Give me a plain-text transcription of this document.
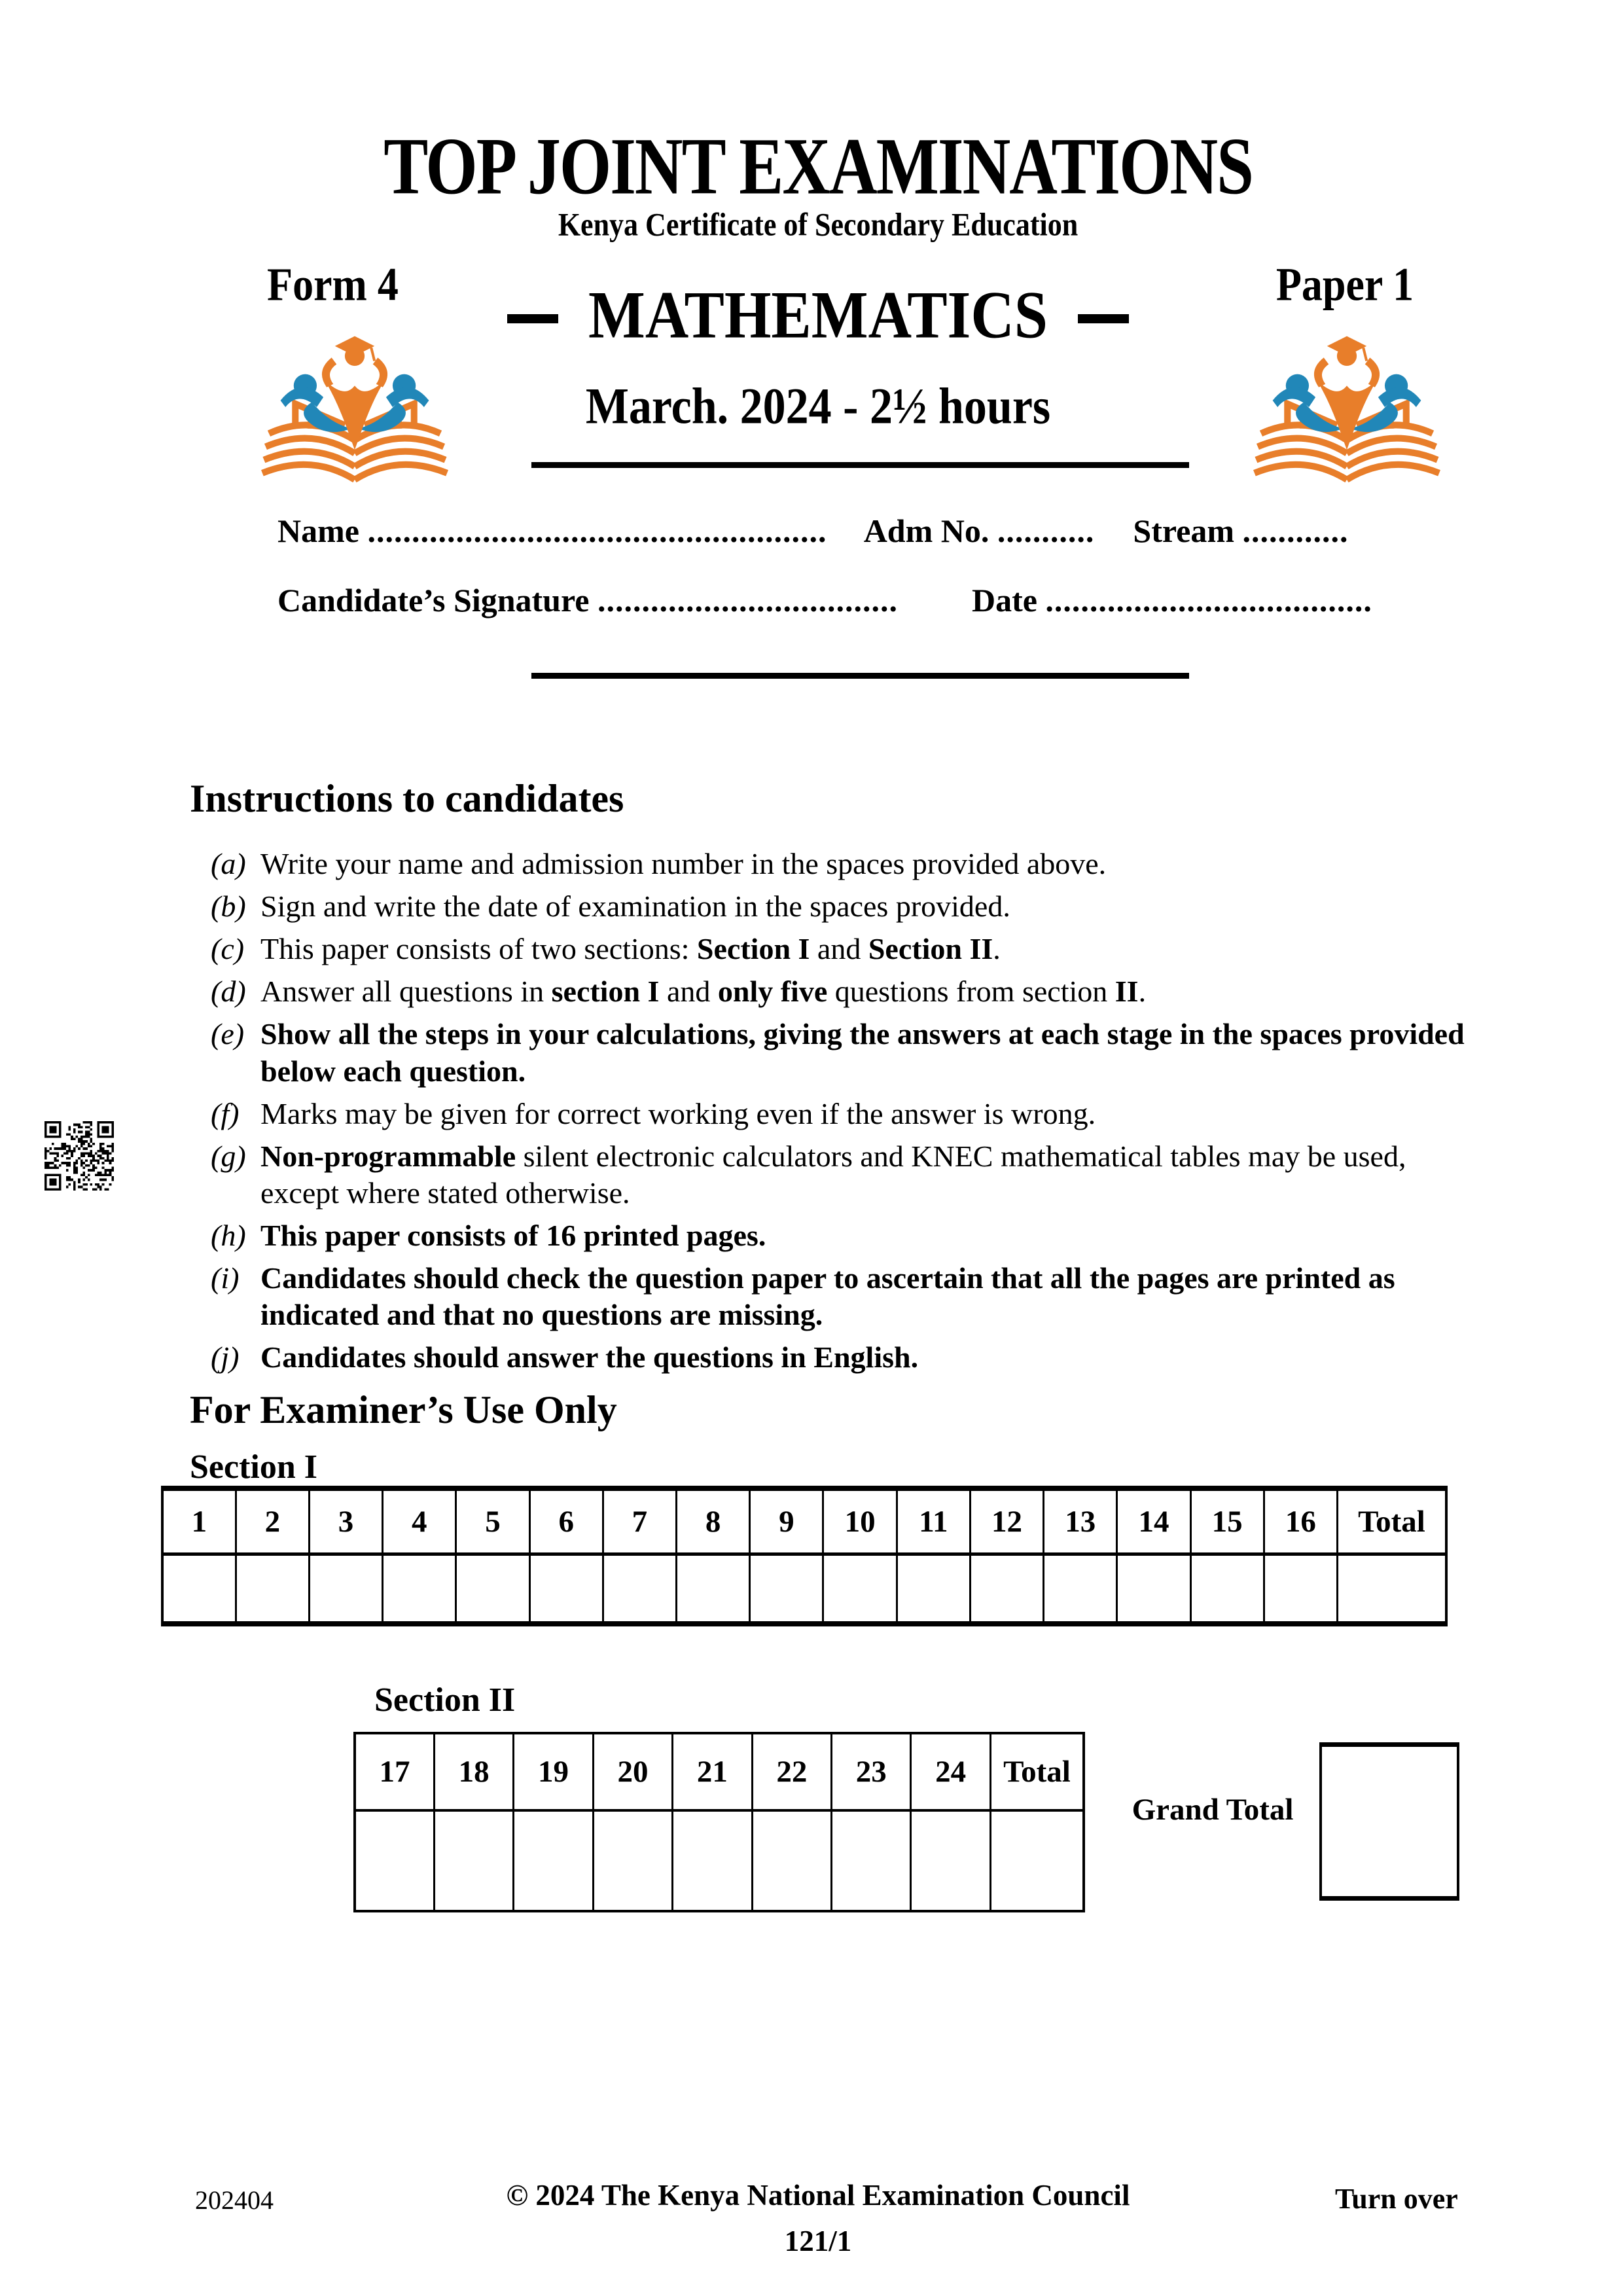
TOP JOINT EXAMINATIONS
Kenya Certificate of Secondary Education
Form 4	Paper 1
MATHEMATICS
March. 2024 - 2½ hours
Name .................................................... Adm No. ........... Stream ............
Candidate’s Signature .................................. Date .....................................
Instructions to candidates
(a) Write your name and admission number in the spaces provided above.
(b) Sign and write the date of examination in the spaces provided.
(c) This paper consists of two sections: Section I and Section II.
(d) Answer all questions in section I and only five questions from section II.
(e) Show all the steps in your calculations, giving the answers at each stage in the spaces provided below each question.
(f) Marks may be given for correct working even if the answer is wrong.
(g) Non-programmable silent electronic calculators and KNEC mathematical tables may be used, except where stated otherwise.
(h) This paper consists of 16 printed pages.
(i) Candidates should check the question paper to ascertain that all the pages are printed as indicated and that no questions are missing.
(j) Candidates should answer the questions in English.
For Examiner’s Use Only
Section I
1	2	3	4	5	6	7	8	9	10	11	12	13	14	15	16	Total

Section II
17	18	19	20	21	22	23	24	Total

Grand Total
202404	© 2024 The Kenya National Examination Council
121/1
Turn over
